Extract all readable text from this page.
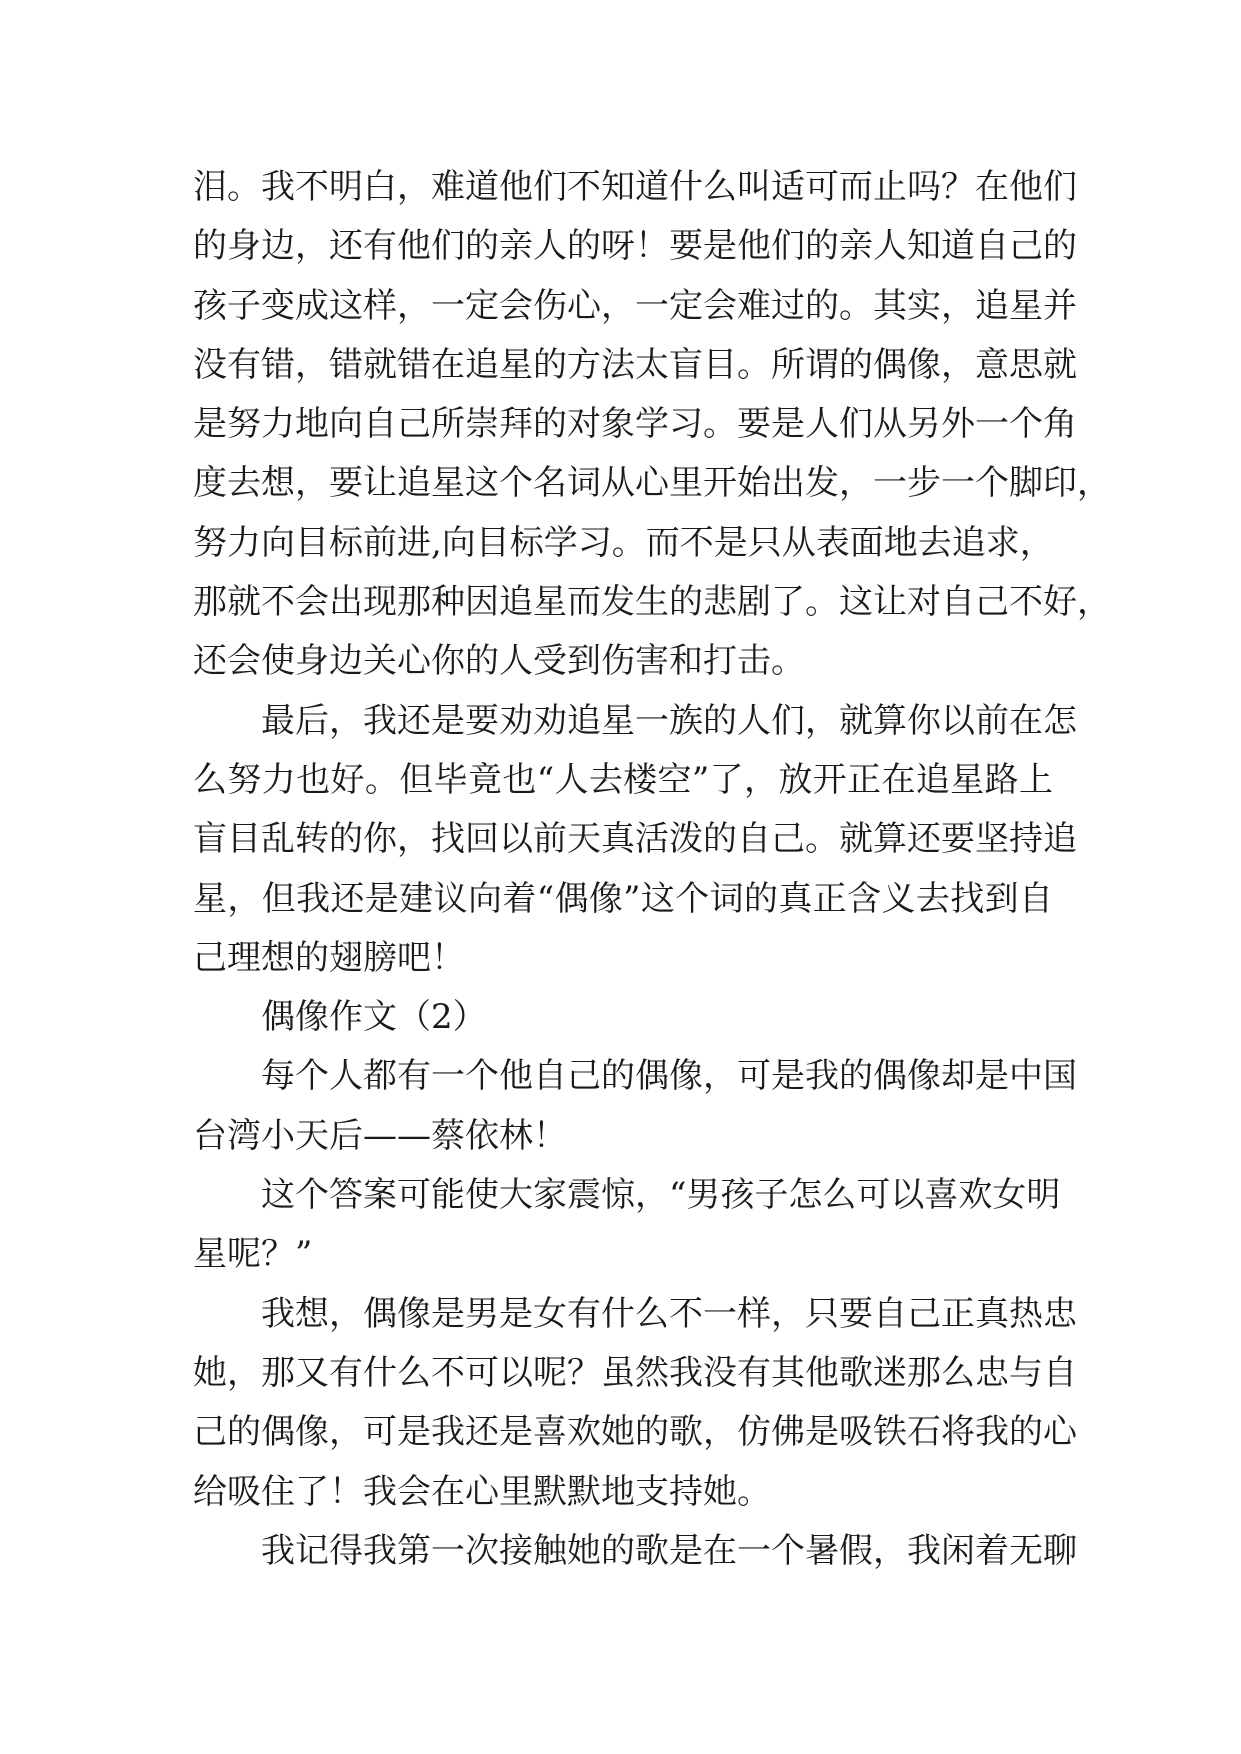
泪。我不明白，难道他们不知道什么叫适可而止吗？在他们
的身边，还有他们的亲人的呀！要是他们的亲人知道自己的
孩子变成这样，一定会伤心，一定会难过的。其实，追星并
没有错，错就错在追星的方法太盲目。所谓的偶像，意思就
是努力地向自己所崇拜的对象学习。要是人们从另外一个角
度去想，要让追星这个名词从心里开始出发，一步一个脚印，
努力向目标前进,向目标学习。而不是只从表面地去追求，
那就不会出现那种因追星而发生的悲剧了。这让对自己不好，
还会使身边关心你的人受到伤害和打击。
最后，我还是要劝劝追星一族的人们，就算你以前在怎
么努力也好。但毕竟也“人去楼空”了，放开正在追星路上
盲目乱转的你，找回以前天真活泼的自己。就算还要坚持追
星，但我还是建议向着“偶像”这个词的真正含义去找到自
己理想的翅膀吧！
偶像作文（2）
每个人都有一个他自己的偶像，可是我的偶像却是中国
台湾小天后——蔡依林！
这个答案可能使大家震惊，“男孩子怎么可以喜欢女明
星呢？”
我想，偶像是男是女有什么不一样，只要自己正真热忠
她，那又有什么不可以呢？虽然我没有其他歌迷那么忠与自
己的偶像，可是我还是喜欢她的歌，仿佛是吸铁石将我的心
给吸住了！我会在心里默默地支持她。
我记得我第一次接触她的歌是在一个暑假，我闲着无聊
